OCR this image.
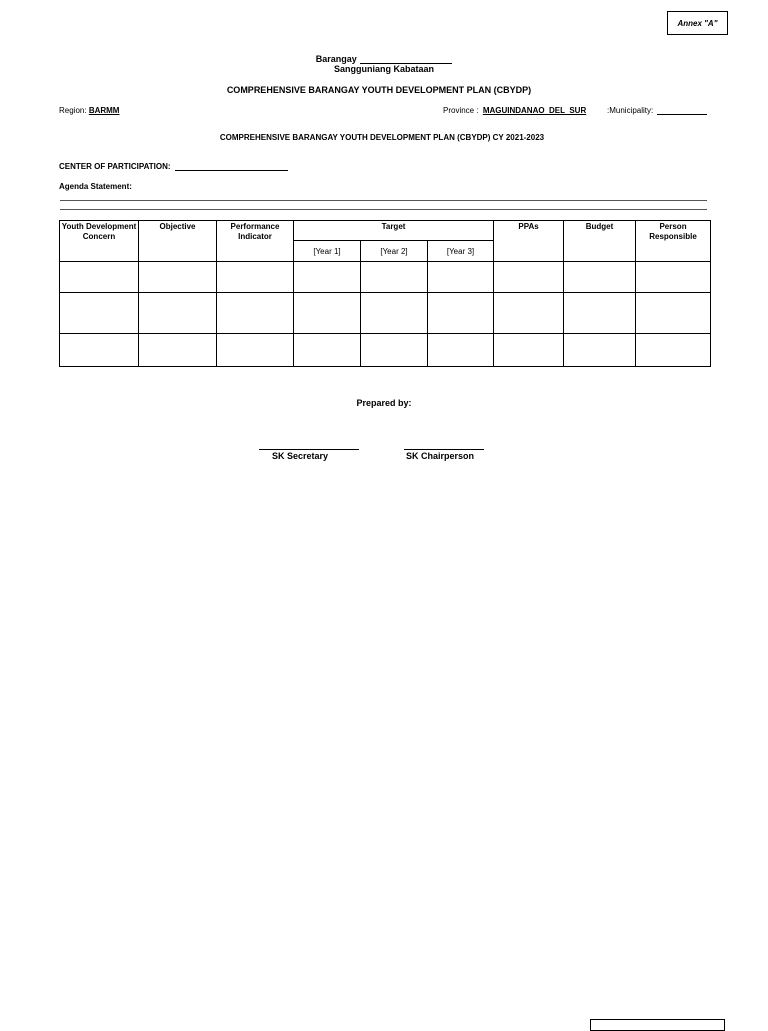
Annex "A"
Barangay
Sangguniang Kabataan
COMPREHENSIVE BARANGAY YOUTH DEVELOPMENT PLAN (CBYDP)
Region: BARMM	Province : MAGUINDANAO  DEL  SUR	:Municipality:
COMPREHENSIVE BARANGAY YOUTH DEVELOPMENT PLAN (CBYDP) CY 2021-2023
CENTER OF PARTICIPATION:
Agenda Statement:
Youth Development Concern	Objective	Performance Indicator	Target			PPAs	Budget	Person Responsible
			[Year 1]	[Year 2]	[Year 3]			

Prepared by:
SK Secretary	SK Chairperson
